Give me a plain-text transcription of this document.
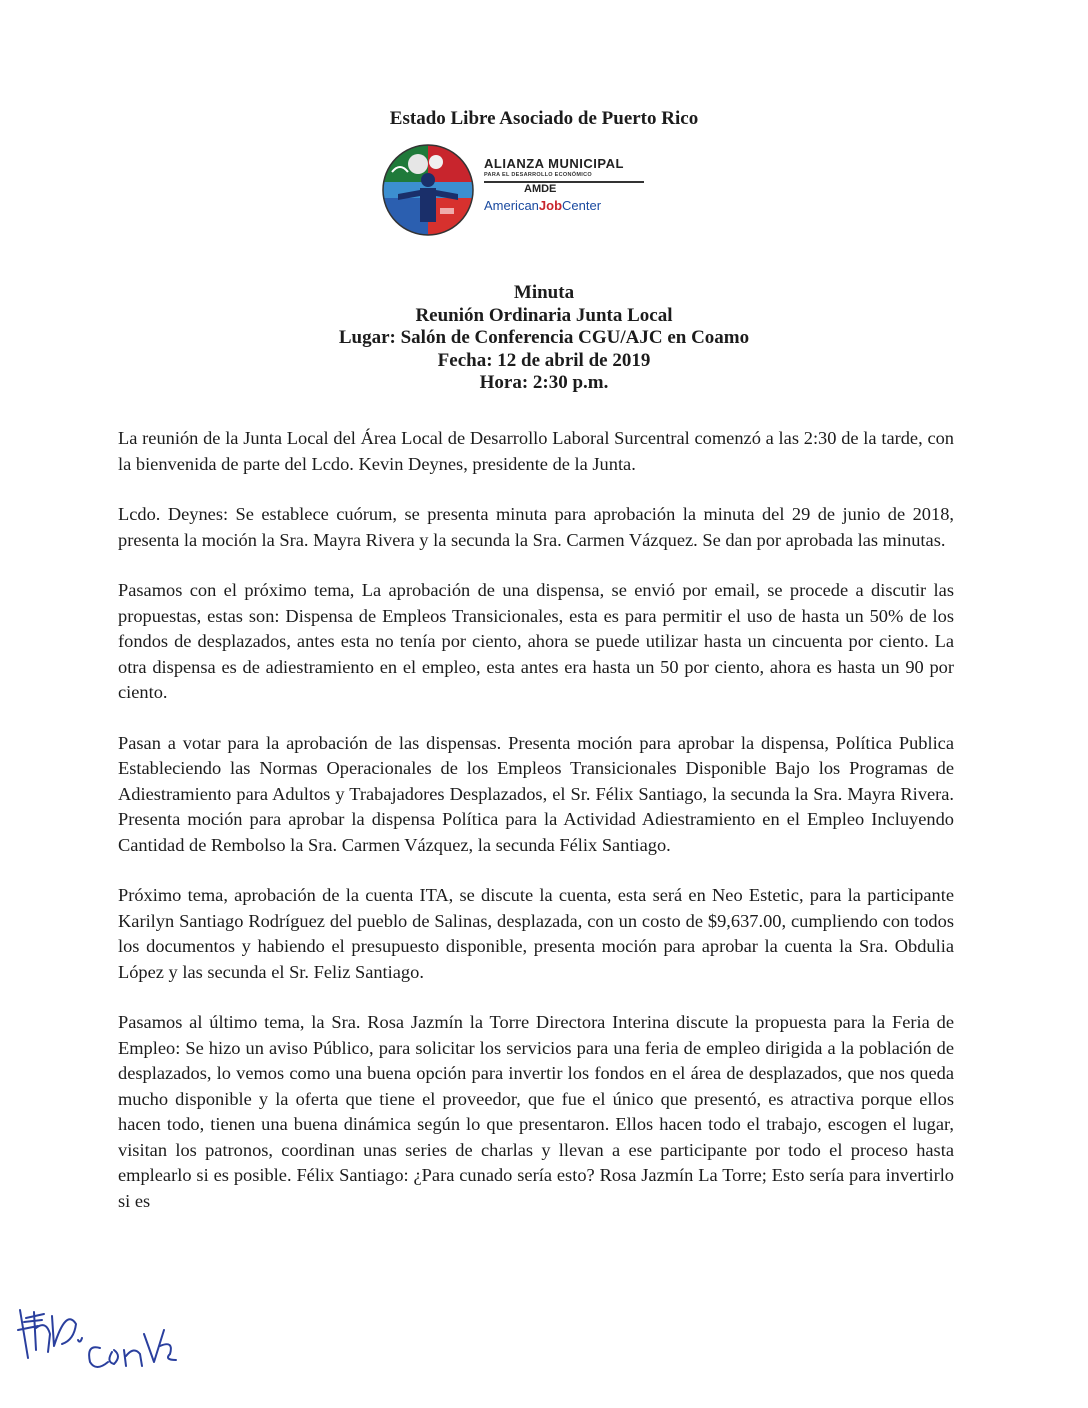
Estado Libre Asociado de Puerto Rico
ALIANZA MUNICIPAL
PARA EL DESARROLLO ECONÓMICO
AMDE
AmericanJobCenter
Minuta
Reunión Ordinaria Junta Local
Lugar: Salón de Conferencia CGU/AJC en Coamo
Fecha: 12 de abril de 2019
Hora: 2:30 p.m.

La reunión de la Junta Local del Área Local de Desarrollo Laboral Surcentral comenzó a las 2:30 de la tarde, con la bienvenida de parte del Lcdo. Kevin Deynes, presidente de la Junta.

Lcdo. Deynes: Se establece cuórum, se presenta minuta para aprobación la minuta del 29 de junio de 2018, presenta la moción la Sra. Mayra Rivera y la secunda la Sra. Carmen Vázquez. Se dan por aprobada las minutas.

Pasamos con el próximo tema, La aprobación de una dispensa, se envió por email, se procede a discutir las propuestas, estas son: Dispensa de Empleos Transicionales, esta es para permitir el uso de hasta un 50% de los fondos de desplazados, antes esta no tenía por ciento, ahora se puede utilizar hasta un cincuenta por ciento. La otra dispensa es de adiestramiento en el empleo, esta antes era hasta un 50 por ciento, ahora es hasta un 90 por ciento.

Pasan a votar para la aprobación de las dispensas. Presenta moción para aprobar la dispensa, Política Publica Estableciendo las Normas Operacionales de los Empleos Transicionales Disponible Bajo los Programas de Adiestramiento para Adultos y Trabajadores Desplazados, el Sr. Félix Santiago, la secunda la Sra. Mayra Rivera. Presenta moción para aprobar la dispensa Política para la Actividad Adiestramiento en el Empleo Incluyendo Cantidad de Rembolso la Sra. Carmen Vázquez, la secunda Félix Santiago.

Próximo tema, aprobación de la cuenta ITA, se discute la cuenta, esta será en Neo Estetic, para la participante Karilyn Santiago Rodríguez del pueblo de Salinas, desplazada, con un costo de $9,637.00, cumpliendo con todos los documentos y habiendo el presupuesto disponible, presenta moción para aprobar la cuenta la Sra. Obdulia López y las secunda el Sr. Feliz Santiago.

Pasamos al último tema, la Sra. Rosa Jazmín la Torre Directora Interina discute la propuesta para la Feria de Empleo: Se hizo un aviso Público, para solicitar los servicios para una feria de empleo dirigida a la población de desplazados, lo vemos como una buena opción para invertir los fondos en el área de desplazados, que nos queda mucho disponible y la oferta que tiene el proveedor, que fue el único que presentó, es atractiva porque ellos hacen todo, tienen una buena dinámica según lo que presentaron. Ellos hacen todo el trabajo, escogen el lugar, visitan los patronos, coordinan unas series de charlas y llevan a ese participante por todo el proceso hasta emplearlo si es posible. Félix Santiago: ¿Para cunado sería esto? Rosa Jazmín La Torre; Esto sería para invertirlo si es
